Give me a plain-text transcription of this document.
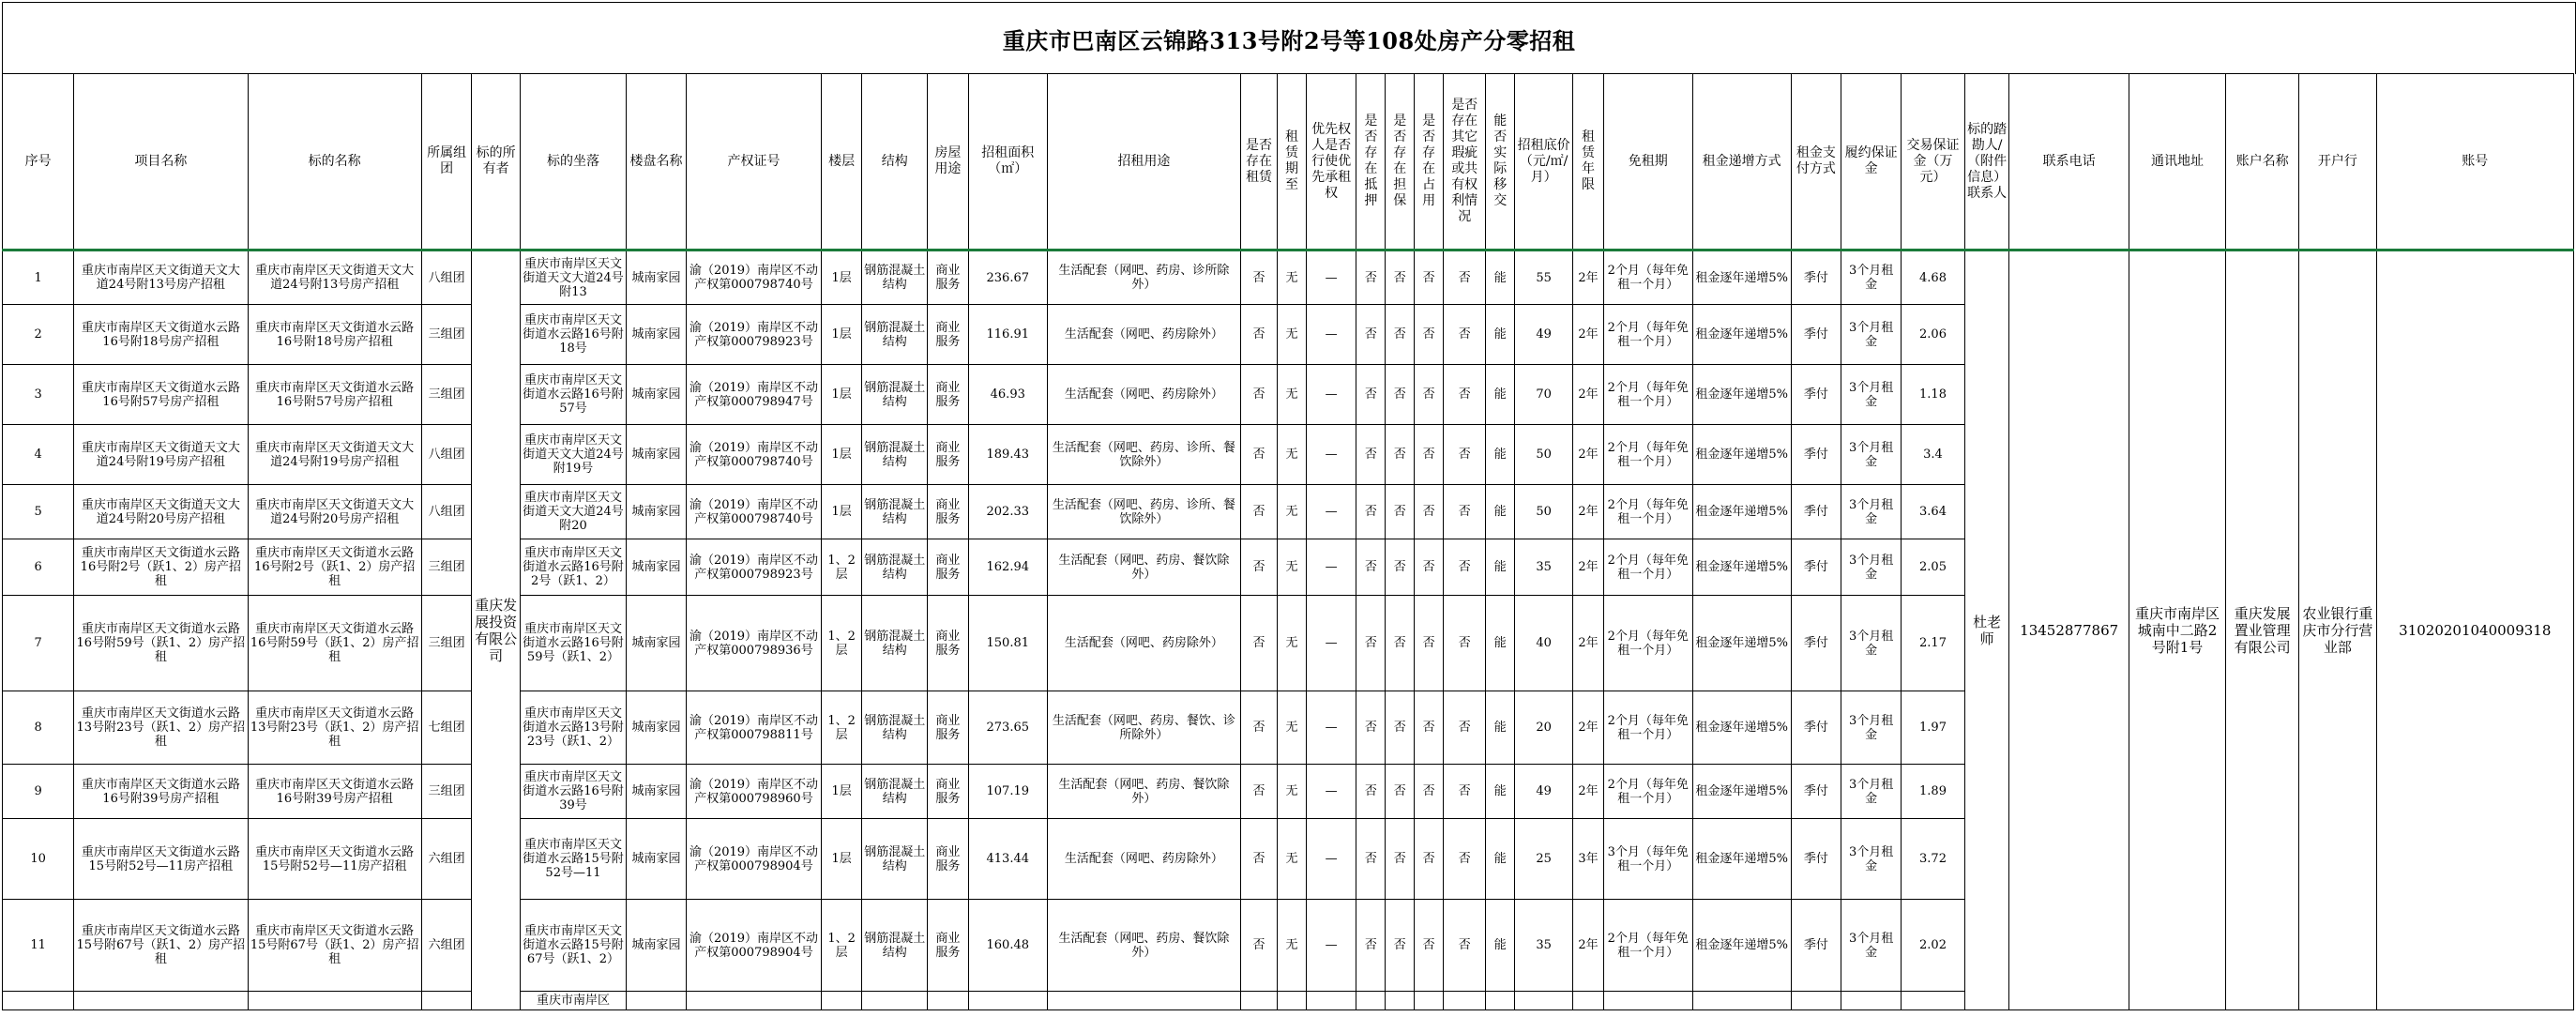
重庆市巴南区云锦路313号附2号等108处房产分零招租
序号	项目名称	标的名称	所属组团	标的所有者	标的坐落	楼盘名称	产权证号	楼层	结构	房屋用途	招租面积（㎡）	招租用途	是否存在租赁	租赁期至	优先权人是否行使优先承租权	是否存在抵押	是否存在担保	是否存在占用	是否存在其它瑕疵或共有权利情况	能否实际移交	招租底价（元/㎡/月）	租赁年限	免租期	租金递增方式	租金支付方式	履约保证金	交易保证金（万元）	标的踏勘人/（附件信息）联系人	联系电话	通讯地址	账户名称	开户行	账号
1	重庆市南岸区天文街道天文大道24号附13号房产招租	重庆市南岸区天文街道天文大道24号附13号房产招租	八组团	重庆发展投资有限公司	重庆市南岸区天文街道天文大道24号附13	城南家园	渝（2019）南岸区不动产权第000798740号	1层	钢筋混凝土结构	商业服务	236.67	生活配套（网吧、药房、诊所除外）	否	无	—	否	否	否	否	能	55	2年	2个月（每年免租一个月）	租金逐年递增5%	季付	3个月租金	4.68	杜老师	13452877867	重庆市南岸区城南中二路2号附1号	重庆发展置业管理有限公司	农业银行重庆市分行营业部	31020201040009318
2	重庆市南岸区天文街道水云路16号附18号房产招租	重庆市南岸区天文街道水云路16号附18号房产招租	三组团		重庆市南岸区天文街道水云路16号附18号	城南家园	渝（2019）南岸区不动产权第000798923号	1层	钢筋混凝土结构	商业服务	116.91	生活配套（网吧、药房除外）	否	无	—	否	否	否	否	能	49	2年	2个月（每年免租一个月）	租金逐年递增5%	季付	3个月租金	2.06						
3	重庆市南岸区天文街道水云路16号附57号房产招租	重庆市南岸区天文街道水云路16号附57号房产招租	三组团		重庆市南岸区天文街道水云路16号附57号	城南家园	渝（2019）南岸区不动产权第000798947号	1层	钢筋混凝土结构	商业服务	46.93	生活配套（网吧、药房除外）	否	无	—	否	否	否	否	能	70	2年	2个月（每年免租一个月）	租金逐年递增5%	季付	3个月租金	1.18						
4	重庆市南岸区天文街道天文大道24号附19号房产招租	重庆市南岸区天文街道天文大道24号附19号房产招租	八组团		重庆市南岸区天文街道天文大道24号附19号	城南家园	渝（2019）南岸区不动产权第000798740号	1层	钢筋混凝土结构	商业服务	189.43	生活配套（网吧、药房、诊所、餐饮除外）	否	无	—	否	否	否	否	能	50	2年	2个月（每年免租一个月）	租金逐年递增5%	季付	3个月租金	3.4						
5	重庆市南岸区天文街道天文大道24号附20号房产招租	重庆市南岸区天文街道天文大道24号附20号房产招租	八组团		重庆市南岸区天文街道天文大道24号附20	城南家园	渝（2019）南岸区不动产权第000798740号	1层	钢筋混凝土结构	商业服务	202.33	生活配套（网吧、药房、诊所、餐饮除外）	否	无	—	否	否	否	否	能	50	2年	2个月（每年免租一个月）	租金逐年递增5%	季付	3个月租金	3.64						
6	重庆市南岸区天文街道水云路16号附2号（跃1、2）房产招租	重庆市南岸区天文街道水云路16号附2号（跃1、2）房产招租	三组团		重庆市南岸区天文街道水云路16号附2号（跃1、2）	城南家园	渝（2019）南岸区不动产权第000798923号	1、2层	钢筋混凝土结构	商业服务	162.94	生活配套（网吧、药房、餐饮除外）	否	无	—	否	否	否	否	能	35	2年	2个月（每年免租一个月）	租金逐年递增5%	季付	3个月租金	2.05						
7	重庆市南岸区天文街道水云路16号附59号（跃1、2）房产招租	重庆市南岸区天文街道水云路16号附59号（跃1、2）房产招租	三组团		重庆市南岸区天文街道水云路16号附59号（跃1、2）	城南家园	渝（2019）南岸区不动产权第000798936号	1、2层	钢筋混凝土结构	商业服务	150.81	生活配套（网吧、药房除外）	否	无	—	否	否	否	否	能	40	2年	2个月（每年免租一个月）	租金逐年递增5%	季付	3个月租金	2.17						
8	重庆市南岸区天文街道水云路13号附23号（跃1、2）房产招租	重庆市南岸区天文街道水云路13号附23号（跃1、2）房产招租	七组团		重庆市南岸区天文街道水云路13号附23号（跃1、2）	城南家园	渝（2019）南岸区不动产权第000798811号	1、2层	钢筋混凝土结构	商业服务	273.65	生活配套（网吧、药房、餐饮、诊所除外）	否	无	—	否	否	否	否	能	20	2年	2个月（每年免租一个月）	租金逐年递增5%	季付	3个月租金	1.97						
9	重庆市南岸区天文街道水云路16号附39号房产招租	重庆市南岸区天文街道水云路16号附39号房产招租	三组团		重庆市南岸区天文街道水云路16号附39号	城南家园	渝（2019）南岸区不动产权第000798960号	1层	钢筋混凝土结构	商业服务	107.19	生活配套（网吧、药房、餐饮除外）	否	无	—	否	否	否	否	能	49	2年	2个月（每年免租一个月）	租金逐年递增5%	季付	3个月租金	1.89						
10	重庆市南岸区天文街道水云路15号附52号—11房产招租	重庆市南岸区天文街道水云路15号附52号—11房产招租	六组团		重庆市南岸区天文街道水云路15号附52号—11	城南家园	渝（2019）南岸区不动产权第000798904号	1层	钢筋混凝土结构	商业服务	413.44	生活配套（网吧、药房除外）	否	无	—	否	否	否	否	能	25	3年	3个月（每年免租一个月）	租金逐年递增5%	季付	3个月租金	3.72						
11	重庆市南岸区天文街道水云路15号附67号（跃1、2）房产招租	重庆市南岸区天文街道水云路15号附67号（跃1、2）房产招租	六组团		重庆市南岸区天文街道水云路15号附67号（跃1、2）	城南家园	渝（2019）南岸区不动产权第000798904号	1、2层	钢筋混凝土结构	商业服务	160.48	生活配套（网吧、药房、餐饮除外）	否	无	—	否	否	否	否	能	35	2年	2个月（每年免租一个月）	租金逐年递增5%	季付	3个月租金	2.02						
					重庆市南岸区																												
